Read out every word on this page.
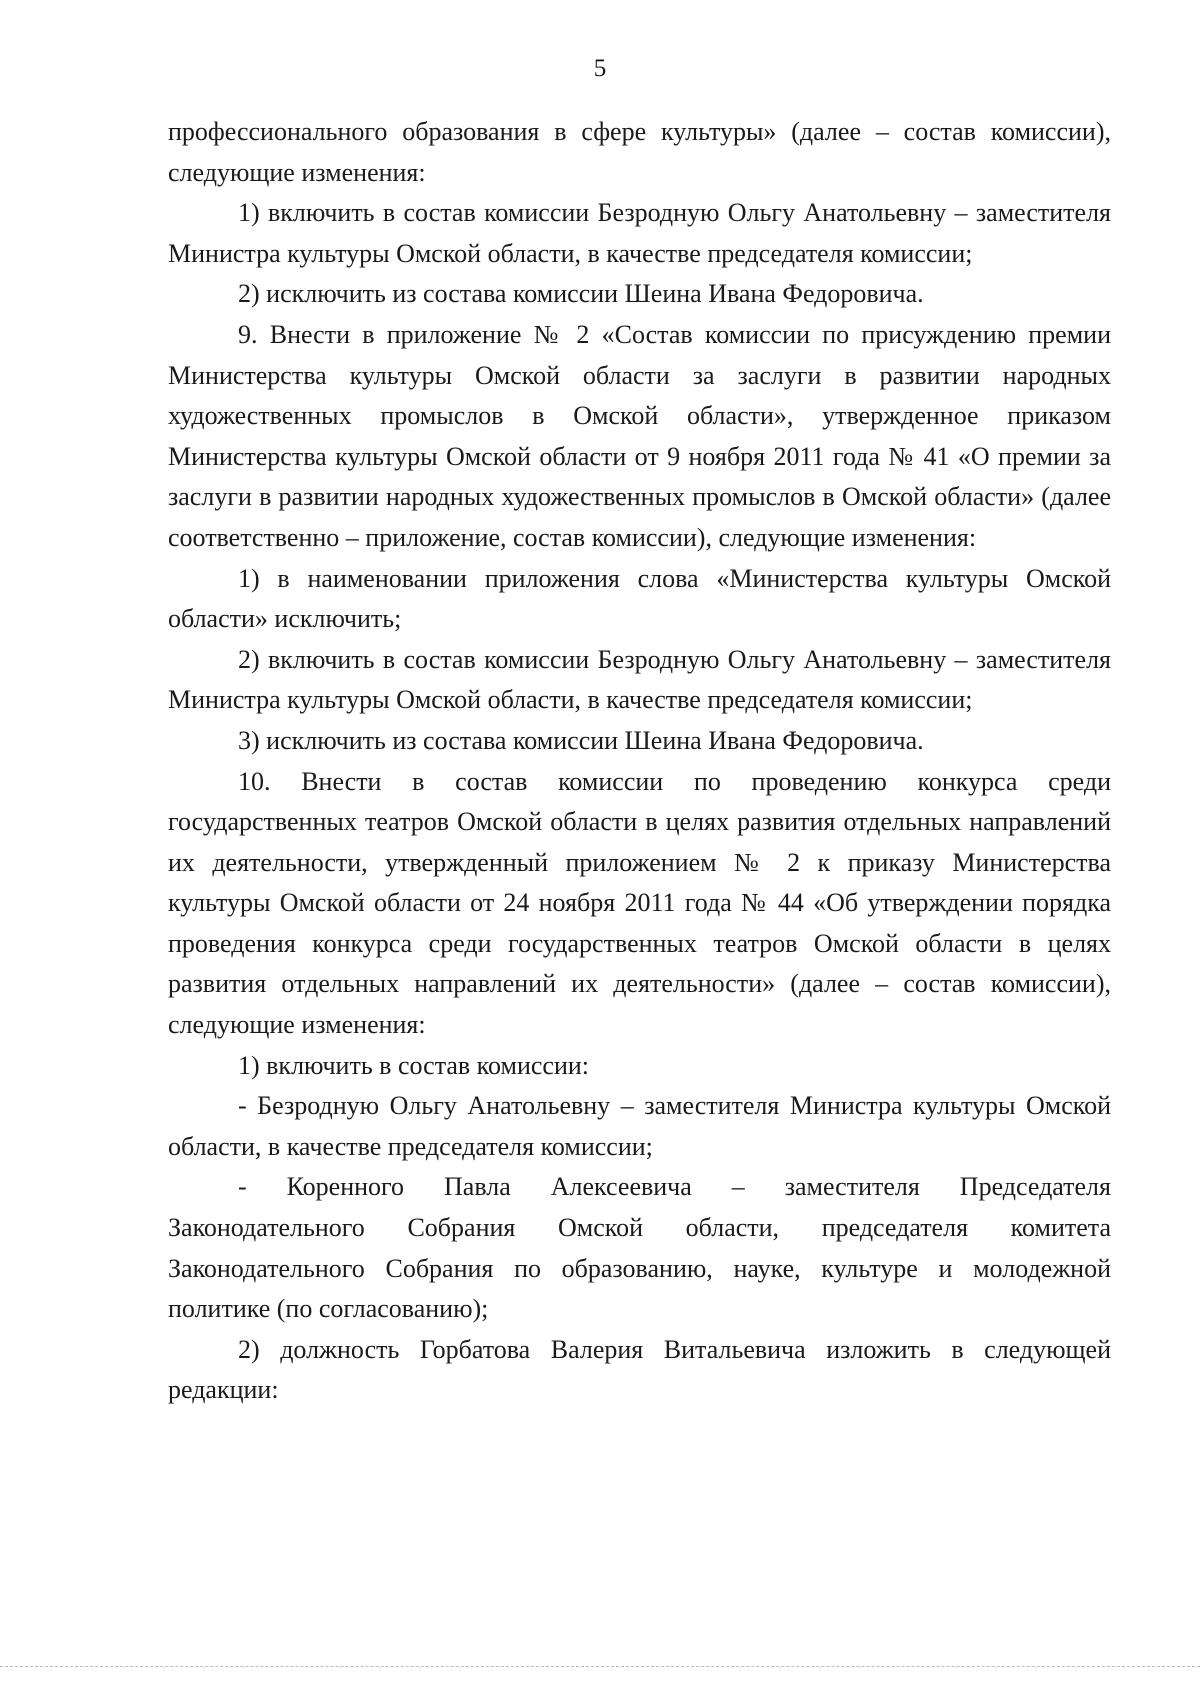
5

профессионального образования в сфере культуры» (далее – состав комиссии), следующие изменения:

1) включить в состав комиссии Безродную Ольгу Анатольевну – заместителя Министра культуры Омской области, в качестве председателя комиссии;

2) исключить из состава комиссии Шеина Ивана Федоровича.

9. Внести в приложение № 2 «Состав комиссии по присуждению премии Министерства культуры Омской области за заслуги в развитии народных художественных промыслов в Омской области», утвержденное приказом Министерства культуры Омской области от 9 ноября 2011 года № 41 «О премии за заслуги в развитии народных художественных промыслов в Омской области» (далее соответственно – приложение, состав комиссии), следующие изменения:

1) в наименовании приложения слова «Министерства культуры Омской области» исключить;

2) включить в состав комиссии Безродную Ольгу Анатольевну – заместителя Министра культуры Омской области, в качестве председателя комиссии;

3) исключить из состава комиссии Шеина Ивана Федоровича.

10. Внести в состав комиссии по проведению конкурса среди государственных театров Омской области в целях развития отдельных направлений их деятельности, утвержденный приложением № 2 к приказу Министерства культуры Омской области от 24 ноября 2011 года № 44 «Об утверждении порядка проведения конкурса среди государственных театров Омской области в целях развития отдельных направлений их деятельности» (далее – состав комиссии), следующие изменения:

1) включить в состав комиссии:

- Безродную Ольгу Анатольевну – заместителя Министра культуры Омской области, в качестве председателя комиссии;

- Коренного Павла Алексеевича – заместителя Председателя Законодательного Собрания Омской области, председателя комитета Законодательного Собрания по образованию, науке, культуре и молодежной политике (по согласованию);

2) должность Горбатова Валерия Витальевича изложить в следующей редакции:
